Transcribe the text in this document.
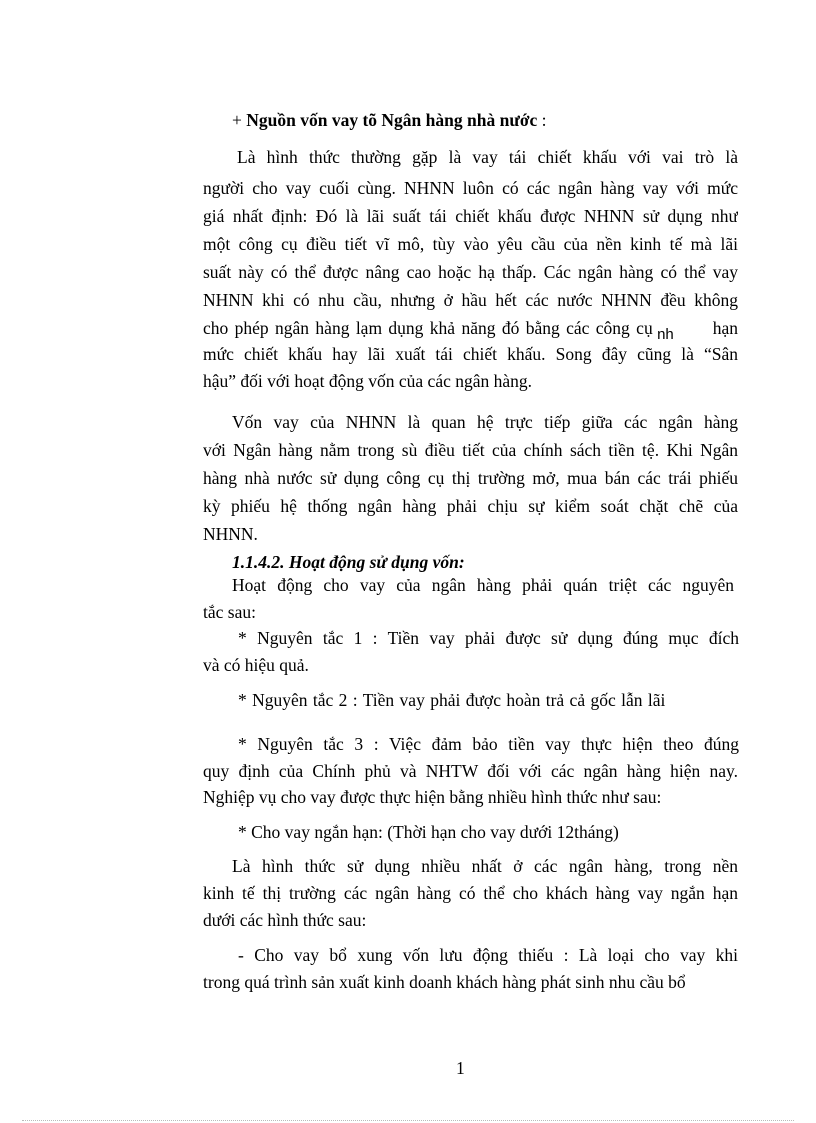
+ Nguồn vốn vay tõ Ngân hàng nhà nước :
Là hình thức thường gặp là vay tái chiết khấu với vai trò là
người cho vay cuối cùng. NHNN luôn có các ngân hàng vay với mức
giá nhất định: Đó là lãi suất tái chiết khấu được NHNN sử dụng như
một công cụ điều tiết vĩ mô, tùy vào yêu cầu của nền kinh tế mà lãi
suất này có thể được nâng cao hoặc hạ thấp. Các ngân hàng có thể vay
NHNN khi có nhu cầu, nhưng ở hầu hết các nước NHNN đều không
cho phép ngân hàng lạm dụng khả năng đó bằng các công cụ nh hạn
mức chiết khấu hay lãi xuất tái chiết khấu. Song đây cũng là “Sân
hậu” đối với hoạt động vốn của các ngân hàng.
Vốn vay của NHNN là quan hệ trực tiếp giữa các ngân hàng
với Ngân hàng nằm trong sù điều tiết của chính sách tiền tệ. Khi Ngân
hàng nhà nước sử dụng công cụ thị trường mở, mua bán các trái phiếu
kỳ phiếu hệ thống ngân hàng phải chịu sự kiểm soát chặt chẽ của
NHNN.
1.1.4.2. Hoạt động sử dụng vốn:
Hoạt động cho vay của ngân hàng phải quán triệt các nguyên
tắc sau:
* Nguyên tắc 1 : Tiền vay phải được sử dụng đúng mục đích
và có hiệu quả.
* Nguyên tắc 2 : Tiền vay phải được hoàn trả cả gốc lẫn lãi
* Nguyên tắc 3 : Việc đảm bảo tiền vay thực hiện theo đúng
quy định của Chính phủ và NHTW đối với các ngân hàng hiện nay.
Nghiệp vụ cho vay được thực hiện bằng nhiều hình thức như sau:
* Cho vay ngắn hạn: (Thời hạn cho vay dưới 12tháng)
Là hình thức sử dụng nhiều nhất ở các ngân hàng, trong nền
kinh tế thị trường các ngân hàng có thể cho khách hàng vay ngắn hạn
dưới các hình thức sau:
- Cho vay bổ xung vốn lưu động thiếu : Là loại cho vay khi
trong quá trình sản xuất kinh doanh khách hàng phát sinh nhu cầu bổ
1
